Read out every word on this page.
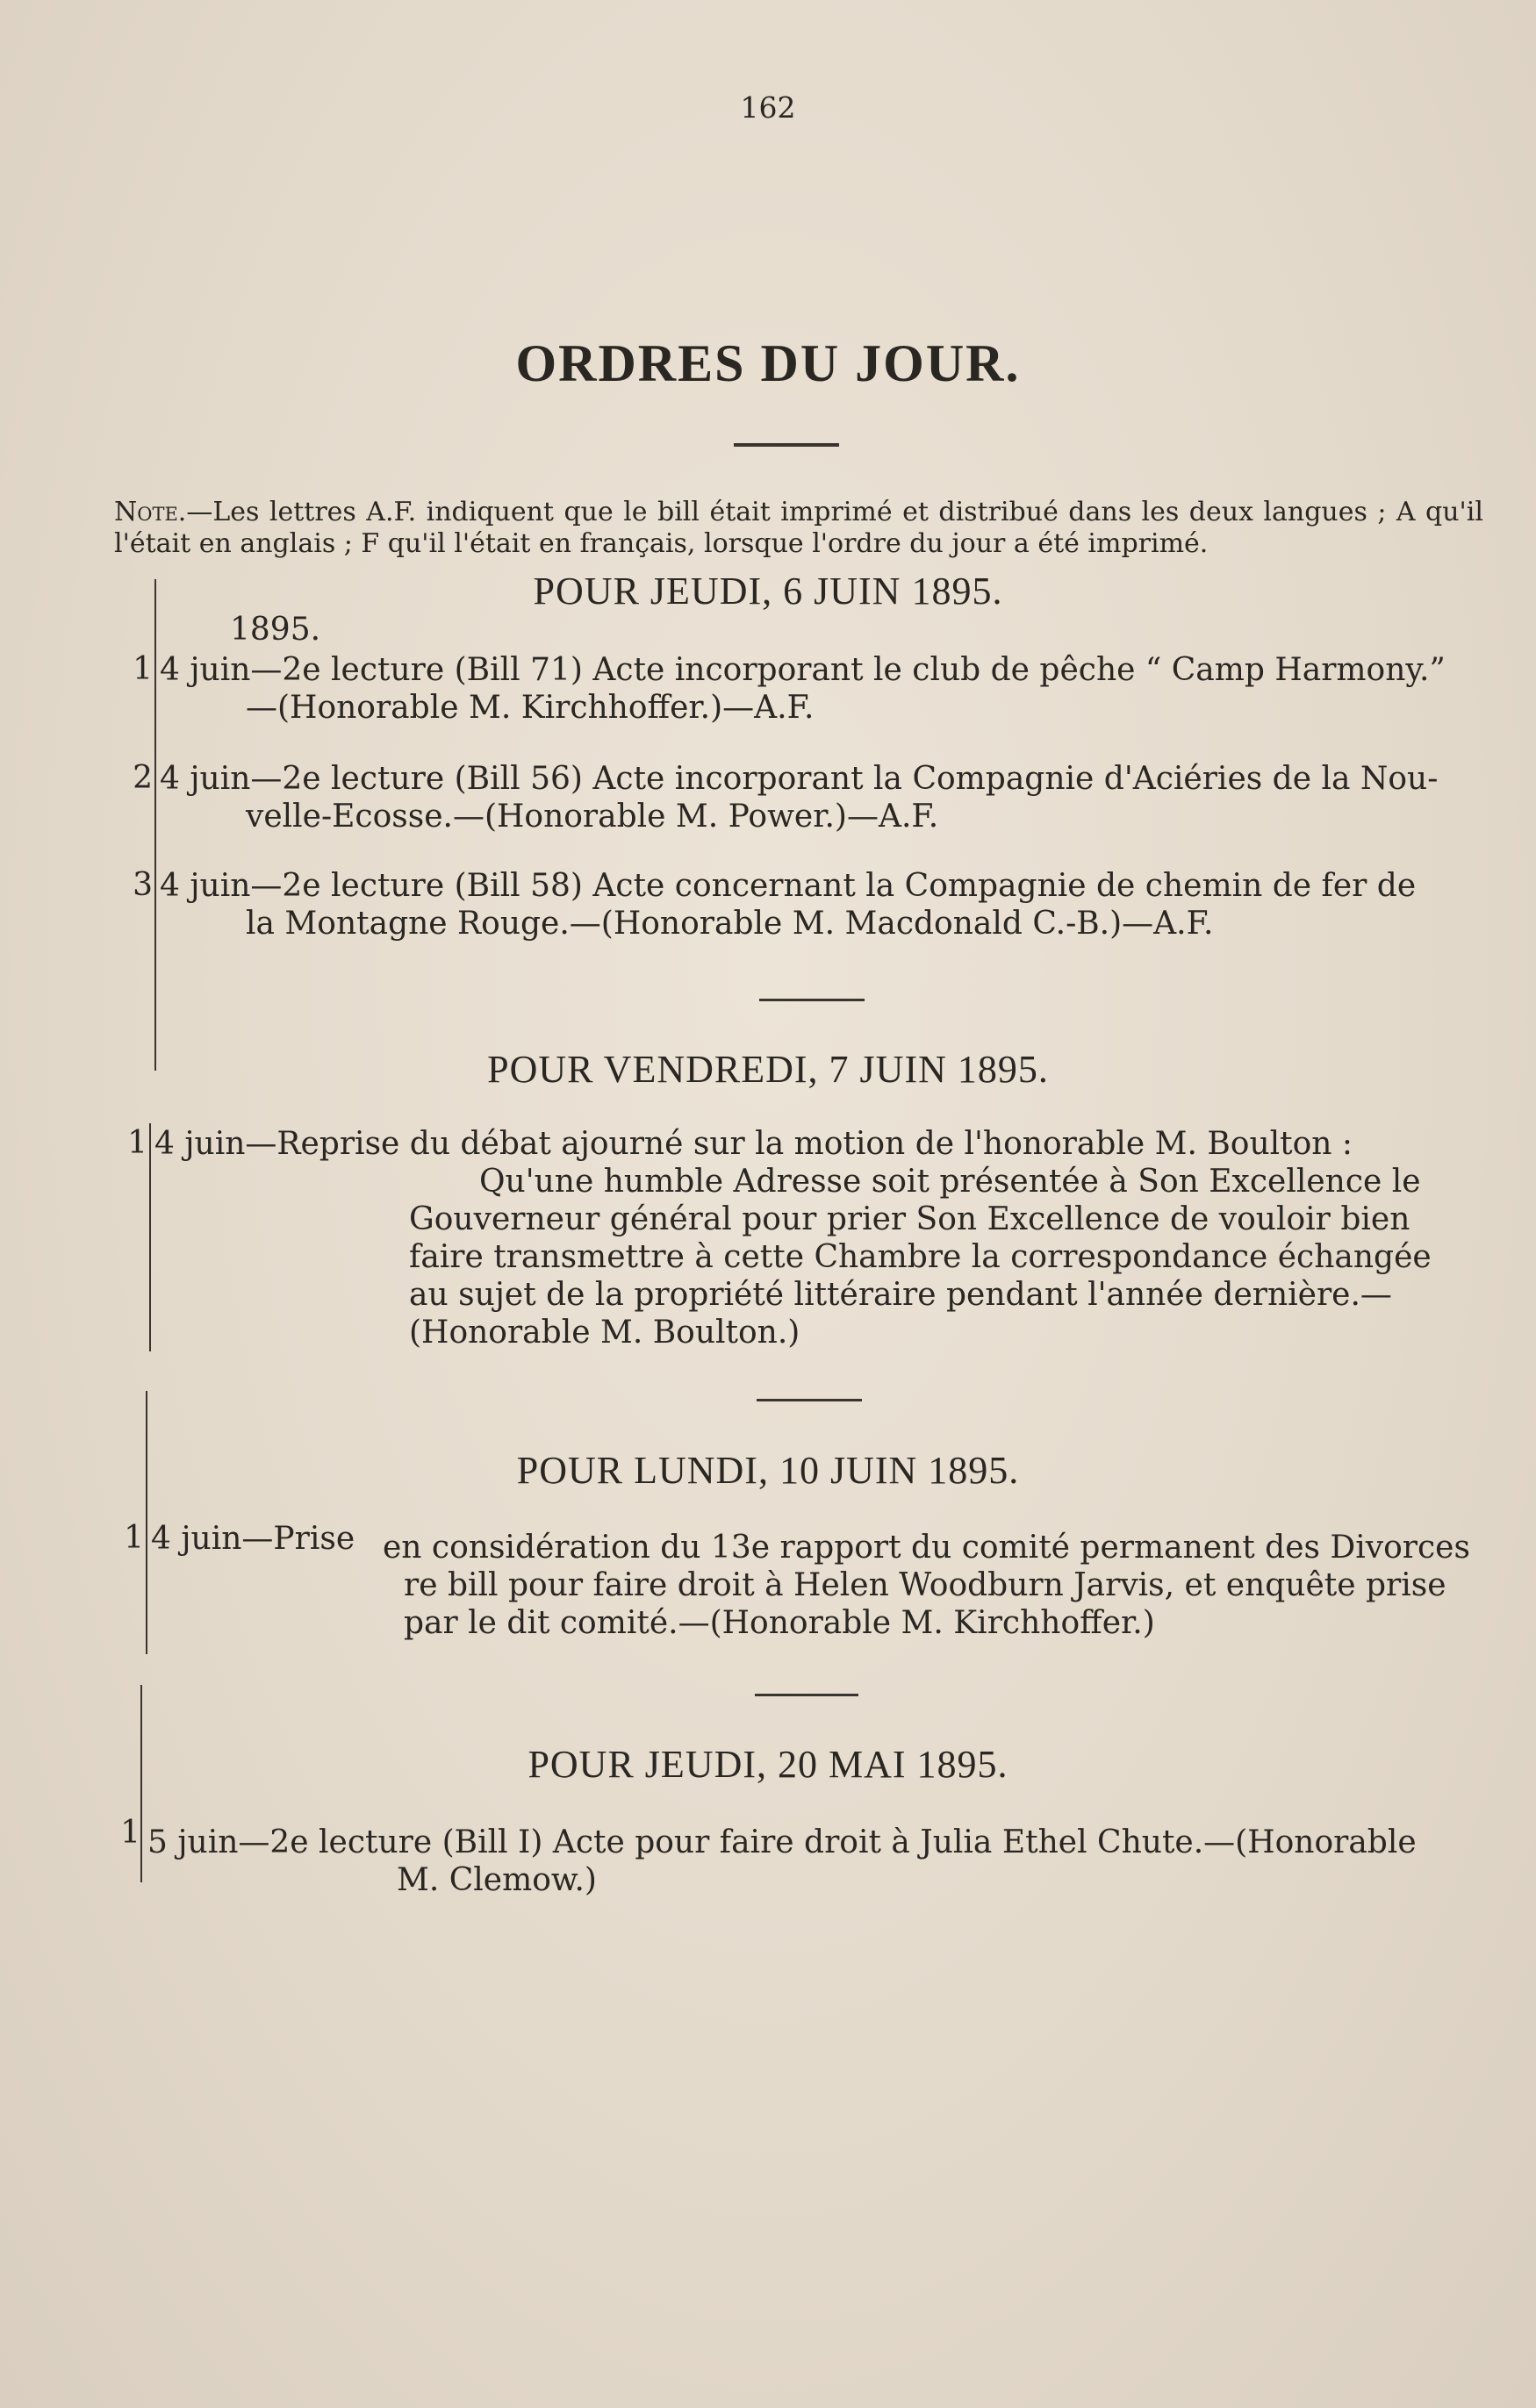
162
ORDRES DU JOUR.
Note.—Les lettres A.F. indiquent que le bill était imprimé et distribué dans les deux langues ; A qu'il l'était en anglais ; F qu'il l'était en français, lorsque l'ordre du jour a été imprimé.
POUR JEUDI, 6 JUIN 1895.
1895.
1 4 juin—2e lecture (Bill 71) Acte incorporant le club de pêche “ Camp Harmony.”
—(Honorable M. Kirchhoffer.)—A.F.
2 4 juin—2e lecture (Bill 56) Acte incorporant la Compagnie d'Aciéries de la Nou-
velle-Ecosse.—(Honorable M. Power.)—A.F.
3 4 juin—2e lecture (Bill 58) Acte concernant la Compagnie de chemin de fer de
la Montagne Rouge.—(Honorable M. Macdonald C.-B.)—A.F.
POUR VENDREDI, 7 JUIN 1895.
1 4 juin—Reprise du débat ajourné sur la motion de l'honorable M. Boulton :
Qu'une humble Adresse soit présentée à Son Excellence le
Gouverneur général pour prier Son Excellence de vouloir bien
faire transmettre à cette Chambre la correspondance échangée
au sujet de la propriété littéraire pendant l'année dernière.—
(Honorable M. Boulton.)
POUR LUNDI, 10 JUIN 1895.
1 4 juin—Prise en considération du 13e rapport du comité permanent des Divorces
re bill pour faire droit à Helen Woodburn Jarvis, et enquête prise
par le dit comité.—(Honorable M. Kirchhoffer.)
POUR JEUDI, 20 MAI 1895.
1 5 juin—2e lecture (Bill I) Acte pour faire droit à Julia Ethel Chute.—(Honorable
M. Clemow.)
